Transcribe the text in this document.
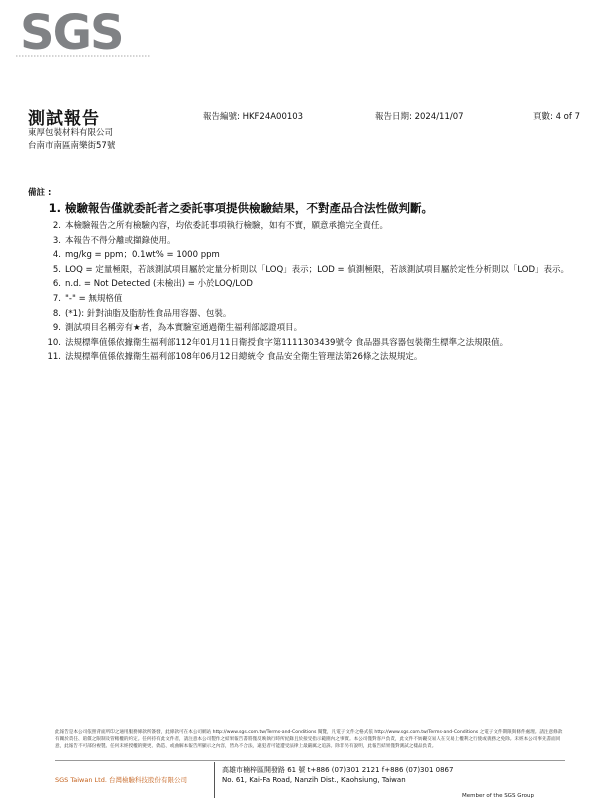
SGS
測試報告	報告編號: HKF24A00103	報告日期: 2024/11/07	頁數: 4 of 7
東厚包裝材料有限公司
台南市南區南樂街57號
備註 :
1. 檢驗報告僅就委託者之委託事項提供檢驗結果，不對產品合法性做判斷。
2. 本檢驗報告之所有檢驗內容，均依委託事項執行檢驗，如有不實，願意承擔完全責任。
3. 本報告不得分離或擷錄使用。
4. mg/kg = ppm；0.1wt% = 1000 ppm
5. LOQ = 定量極限，若該測試項目屬於定量分析則以「LOQ」表示；LOD = 偵測極限，若該測試項目屬於定性分析則以「LOD」表示。
6. n.d. = Not Detected (未檢出) = 小於LOQ/LOD
7. "-" = 無規格值
8. (*1): 針對油脂及脂肪性食品用容器、包裝。
9. 測試項目名稱旁有★者，為本實驗室通過衛生福利部認證項目。
10. 法規標準值係依據衛生福利部112年01月11日衛授食字第1111303439號令 食品器具容器包裝衛生標準之法規限值。
11. 法規標準值係依據衛生福利部108年06月12日總統令 食品安全衛生管理法第26條之法規規定。
此報告是本公司依照背面所印之通用服務條款所簽發，此條款可在本公司網站 http://www.sgs.com.tw/Terms-and-Conditions 閱覽，凡電子文件之格式依 http://www.sgs.com.tw/Terms-and-Conditions 之電子文件期限與條件處理。請注意條款有關於責任、賠償之限制及管轄權的約定。任何持有此文件者，請注意本公司製作之結果報告書將僅反映執行時所紀錄且於接受指示範圍內之事實。本公司僅對客戶負責，此文件不妨礙交易人在交易上權利之行使或義務之免除。未經本公司事先書面同意，此報告不可部份複製。任何未經授權的變更、偽造、或曲解本報告所顯示之內容，皆為不合法，違犯者可能遭受法律上最嚴厲之追訴。除非另有說明，此報告結果僅對測試之樣品負責。
SGS Taiwan Ltd. 台灣檢驗科技股份有限公司
高雄市楠梓區開發路 61 號 t+886 (07)301 2121 f+886 (07)301 0867
No. 61, Kai-Fa Road, Nanzih Dist., Kaohsiung, Taiwan
Member of the SGS Group
